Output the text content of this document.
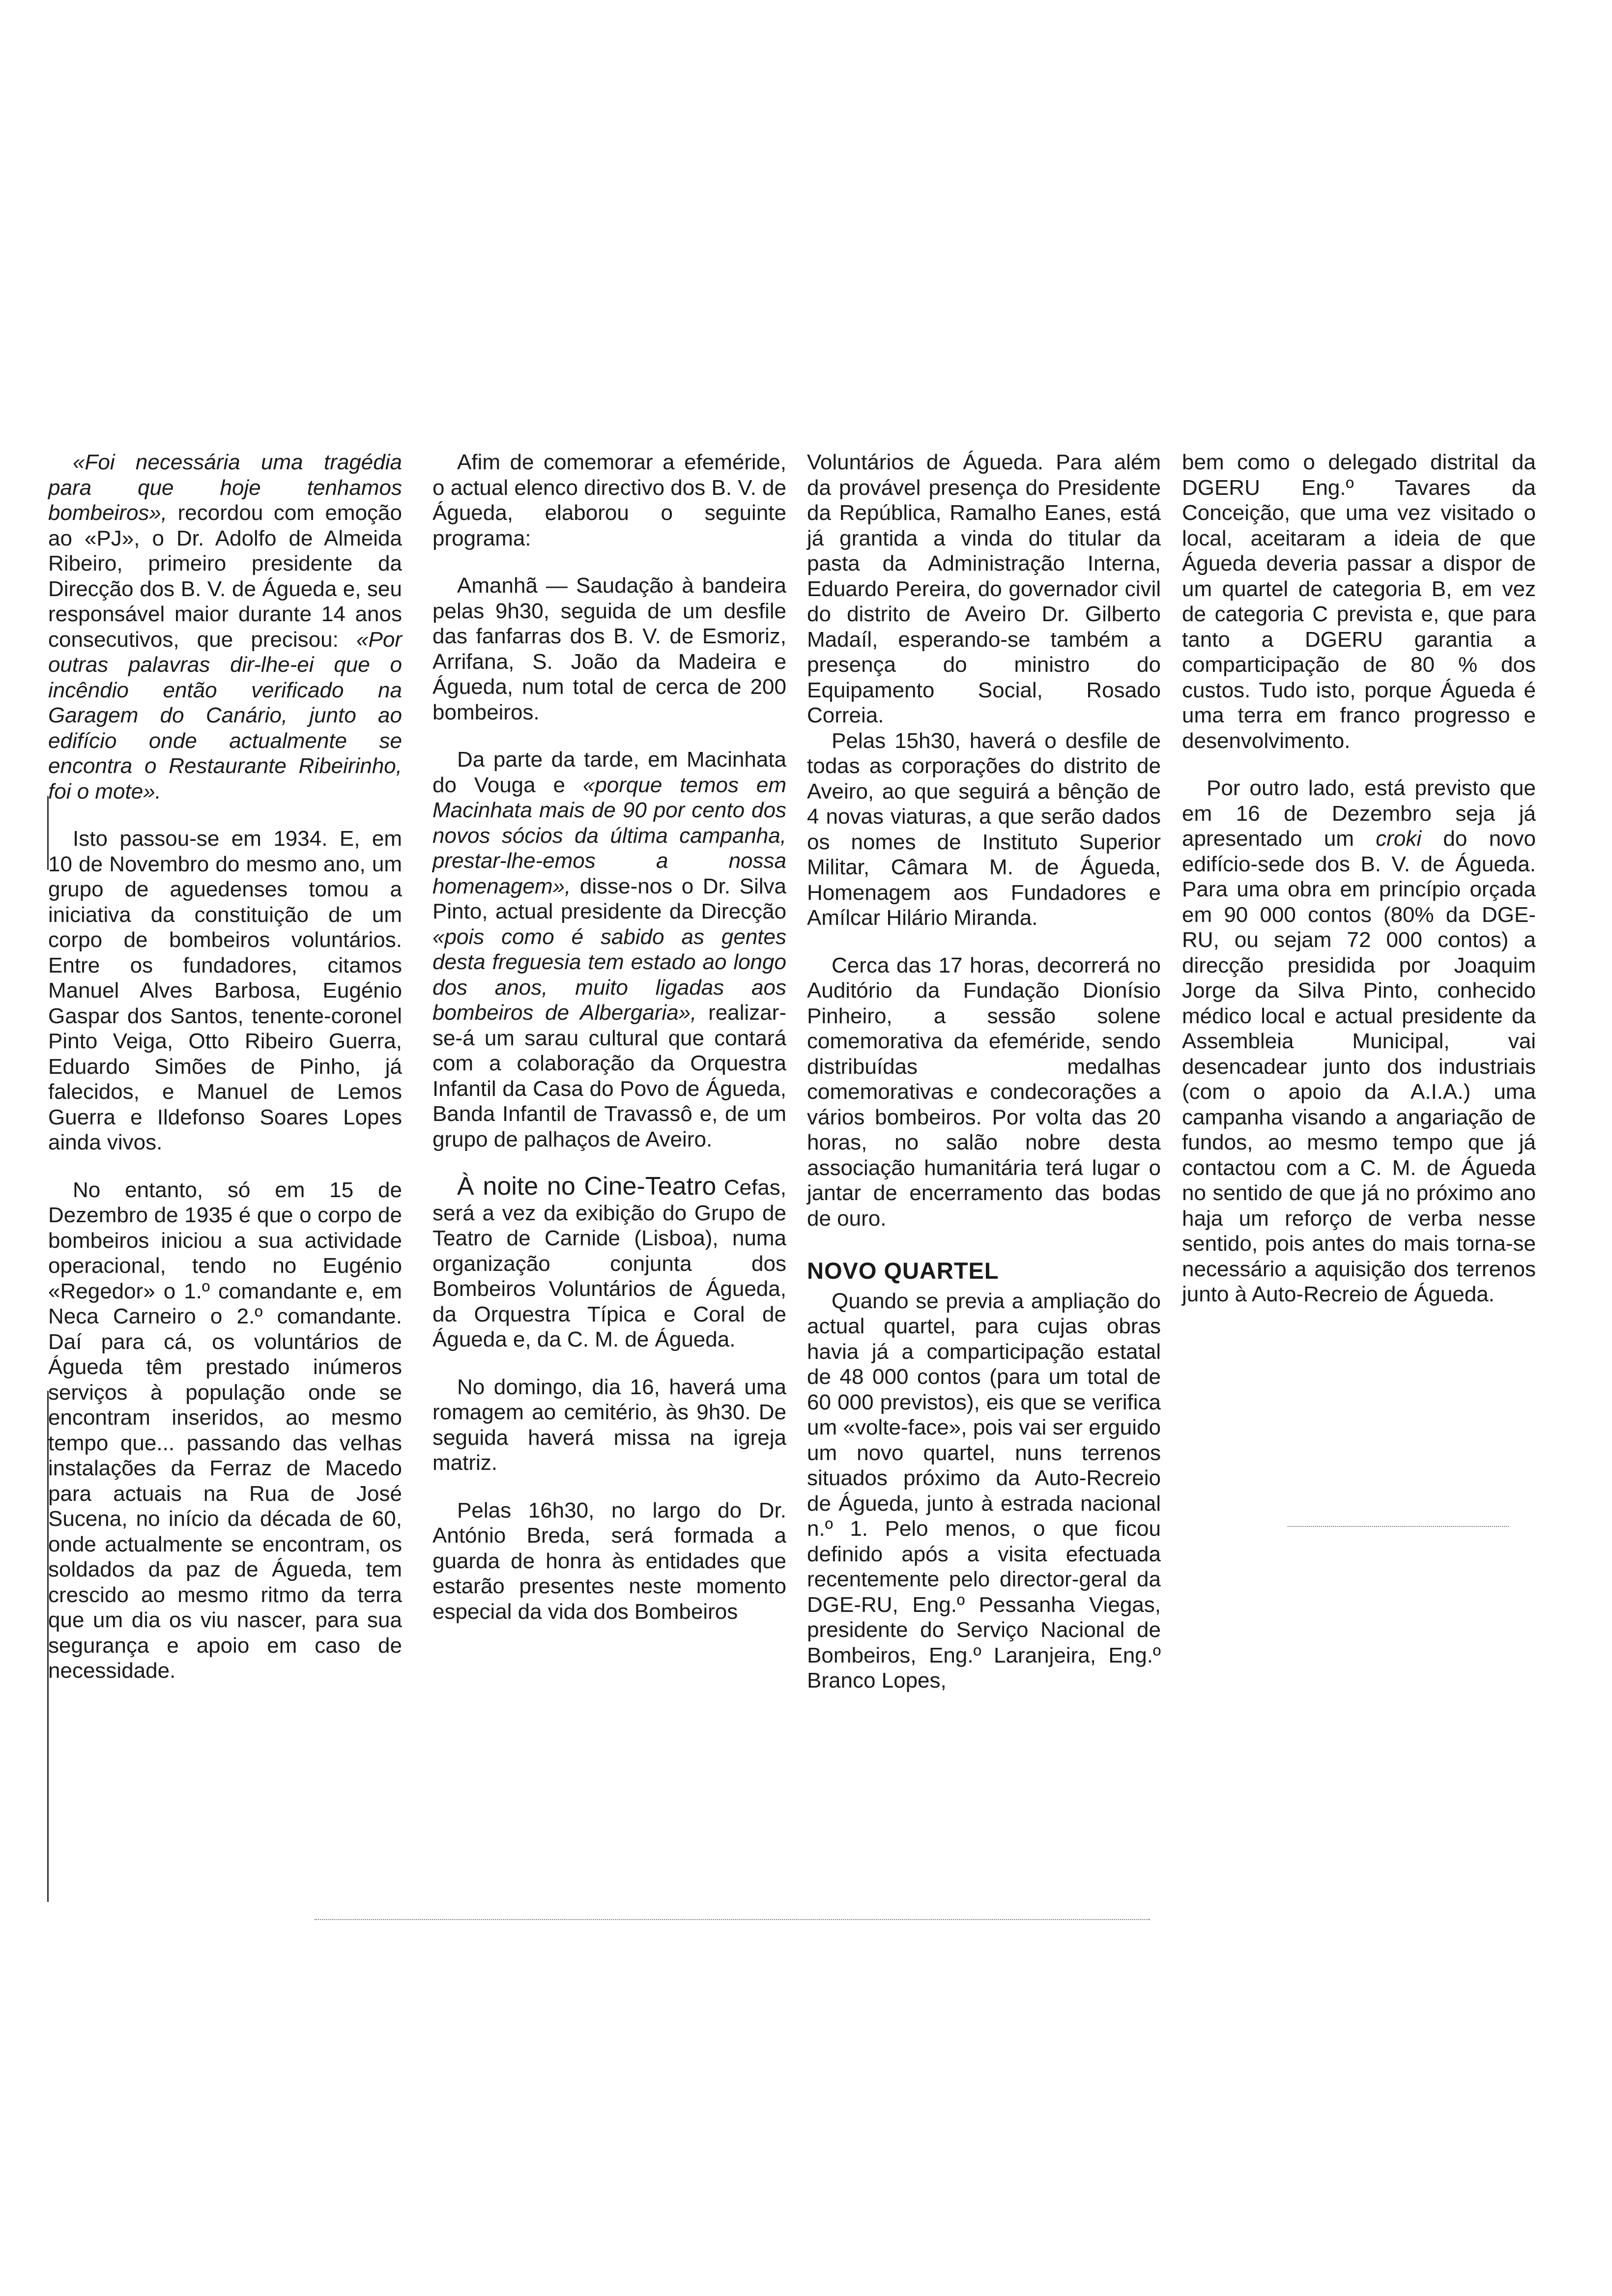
«Foi necessária uma tragédia para que hoje tenhamos bombeiros», recordou com emoção ao «PJ», o Dr. Adolfo de Almeida Ribeiro, primeiro presidente da Direcção dos B. V. de Águeda e, seu responsável maior durante 14 anos consecutivos, que precisou: «Por outras palavras dir-lhe-ei que o incêndio então verificado na Garagem do Canário, junto ao edifício onde actualmente se encontra o Restaurante Ribeirinho, foi o mote».

Isto passou-se em 1934. E, em 10 de Novembro do mesmo ano, um grupo de aguedenses tomou a iniciativa da constituição de um corpo de bombeiros voluntários. Entre os fundadores, citamos Manuel Alves Barbosa, Eugénio Gaspar dos Santos, tenente-coronel Pinto Veiga, Otto Ribeiro Guerra, Eduardo Simões de Pinho, já falecidos, e Manuel de Lemos Guerra e Ildefonso Soares Lopes ainda vivos.

No entanto, só em 15 de Dezembro de 1935 é que o corpo de bombeiros iniciou a sua actividade operacional, tendo no Eugénio «Regedor» o 1.º comandante e, em Neca Carneiro o 2.º comandante. Daí para cá, os voluntários de Águeda têm prestado inúmeros serviços à população onde se encontram inseridos, ao mesmo tempo que... passando das velhas instalações da Ferraz de Macedo para actuais na Rua de José Sucena, no início da década de 60, onde actualmente se encontram, os soldados da paz de Águeda, tem crescido ao mesmo ritmo da terra que um dia os viu nascer, para sua segurança e apoio em caso de necessidade.

Afim de comemorar a efeméride, o actual elenco directivo dos B. V. de Águeda, elaborou o seguinte programa:

Amanhã — Saudação à bandeira pelas 9h30, seguida de um desfile das fanfarras dos B. V. de Esmoriz, Arrifana, S. João da Madeira e Águeda, num total de cerca de 200 bombeiros.

Da parte da tarde, em Macinhata do Vouga e «porque temos em Macinhata mais de 90 por cento dos novos sócios da última campanha, prestar-lhe-emos a nossa homenagem», disse-nos o Dr. Silva Pinto, actual presidente da Direcção «pois como é sabido as gentes desta freguesia tem estado ao longo dos anos, muito ligadas aos bombeiros de Albergaria», realizar-se-á um sarau cultural que contará com a colaboração da Orquestra Infantil da Casa do Povo de Águeda, Banda Infantil de Travassô e, de um grupo de palhaços de Aveiro.

À noite no Cine-Teatro Cefas, será a vez da exibição do Grupo de Teatro de Carnide (Lisboa), numa organização conjunta dos Bombeiros Voluntários de Águeda, da Orquestra Típica e Coral de Águeda e, da C. M. de Águeda.

No domingo, dia 16, haverá uma romagem ao cemitério, às 9h30. De seguida haverá missa na igreja matriz.

Pelas 16h30, no largo do Dr. António Breda, será formada a guarda de honra às entidades que estarão presentes neste momento especial da vida dos Bombeiros

Voluntários de Águeda. Para além da provável presença do Presidente da República, Ramalho Eanes, está já grantida a vinda do titular da pasta da Administração Interna, Eduardo Pereira, do governador civil do distrito de Aveiro Dr. Gilberto Madaíl, esperando-se também a presença do ministro do Equipamento Social, Rosado Correia.

Pelas 15h30, haverá o desfile de todas as corporações do distrito de Aveiro, ao que seguirá a bênção de 4 novas viaturas, a que serão dados os nomes de Instituto Superior Militar, Câmara M. de Águeda, Homenagem aos Fundadores e Amílcar Hilário Miranda.

Cerca das 17 horas, decorrerá no Auditório da Fundação Dionísio Pinheiro, a sessão solene comemorativa da efeméride, sendo distribuídas medalhas comemorativas e condecorações a vários bombeiros. Por volta das 20 horas, no salão nobre desta associação humanitária terá lugar o jantar de encerramento das bodas de ouro.

NOVO QUARTEL

Quando se previa a ampliação do actual quartel, para cujas obras havia já a comparticipação estatal de 48 000 contos (para um total de 60 000 previstos), eis que se verifica um «volte-face», pois vai ser erguido um novo quartel, nuns terrenos situados próximo da Auto-Recreio de Águeda, junto à estrada nacional n.º 1. Pelo menos, o que ficou definido após a visita efectuada recentemente pelo director-geral da DGE-RU, Eng.º Pessanha Viegas, presidente do Serviço Nacional de Bombeiros, Eng.º Laranjeira, Eng.º Branco Lopes,

bem como o delegado distrital da DGERU Eng.º Tavares da Conceição, que uma vez visitado o local, aceitaram a ideia de que Águeda deveria passar a dispor de um quartel de categoria B, em vez de categoria C prevista e, que para tanto a DGERU garantia a comparticipação de 80 % dos custos. Tudo isto, porque Águeda é uma terra em franco progresso e desenvolvimento.

Por outro lado, está previsto que em 16 de Dezembro seja já apresentado um croki do novo edifício-sede dos B. V. de Águeda. Para uma obra em princípio orçada em 90 000 contos (80% da DGE-RU, ou sejam 72 000 contos) a direcção presidida por Joaquim Jorge da Silva Pinto, conhecido médico local e actual presidente da Assembleia Municipal, vai desencadear junto dos industriais (com o apoio da A.I.A.) uma campanha visando a angariação de fundos, ao mesmo tempo que já contactou com a C. M. de Águeda no sentido de que já no próximo ano haja um reforço de verba nesse sentido, pois antes do mais torna-se necessário a aquisição dos terrenos junto à Auto-Recreio de Águeda.
